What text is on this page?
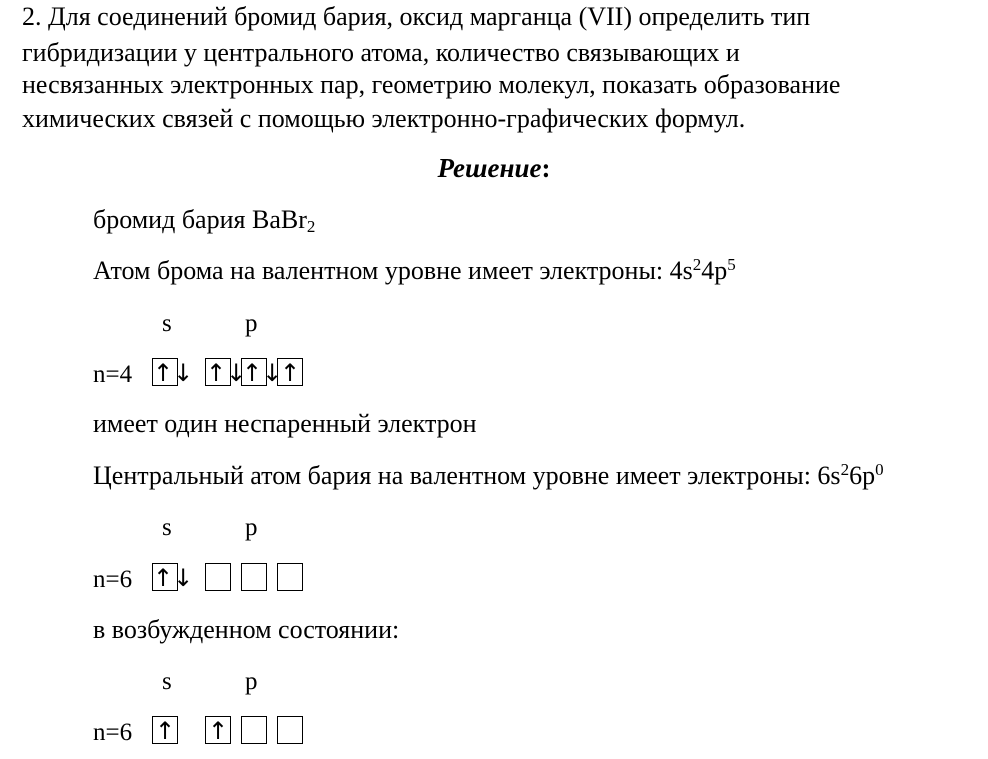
2. Для соединений бромид бария, оксид марганца (VII) определить тип
гибридизации у центрального атома, количество связывающих и
несвязанных электронных пар, геометрию молекул, показать образование
химических связей с помощью электронно-графических формул.
Решение:
бромид бария BaBr$_2$
Атом брома на валентном уровне имеет электроны: $4s^24p^5$
s	p
n=4 ↑↓ ↑↓
↑↓
↑
имеет один неспаренный электрон
Центральный атом бария на валентном уровне имеет электроны: $6s^26p^0$
s	p
n=6 ↑↓
в возбужденном состоянии:
s	p
n=6 ↑ ↑
